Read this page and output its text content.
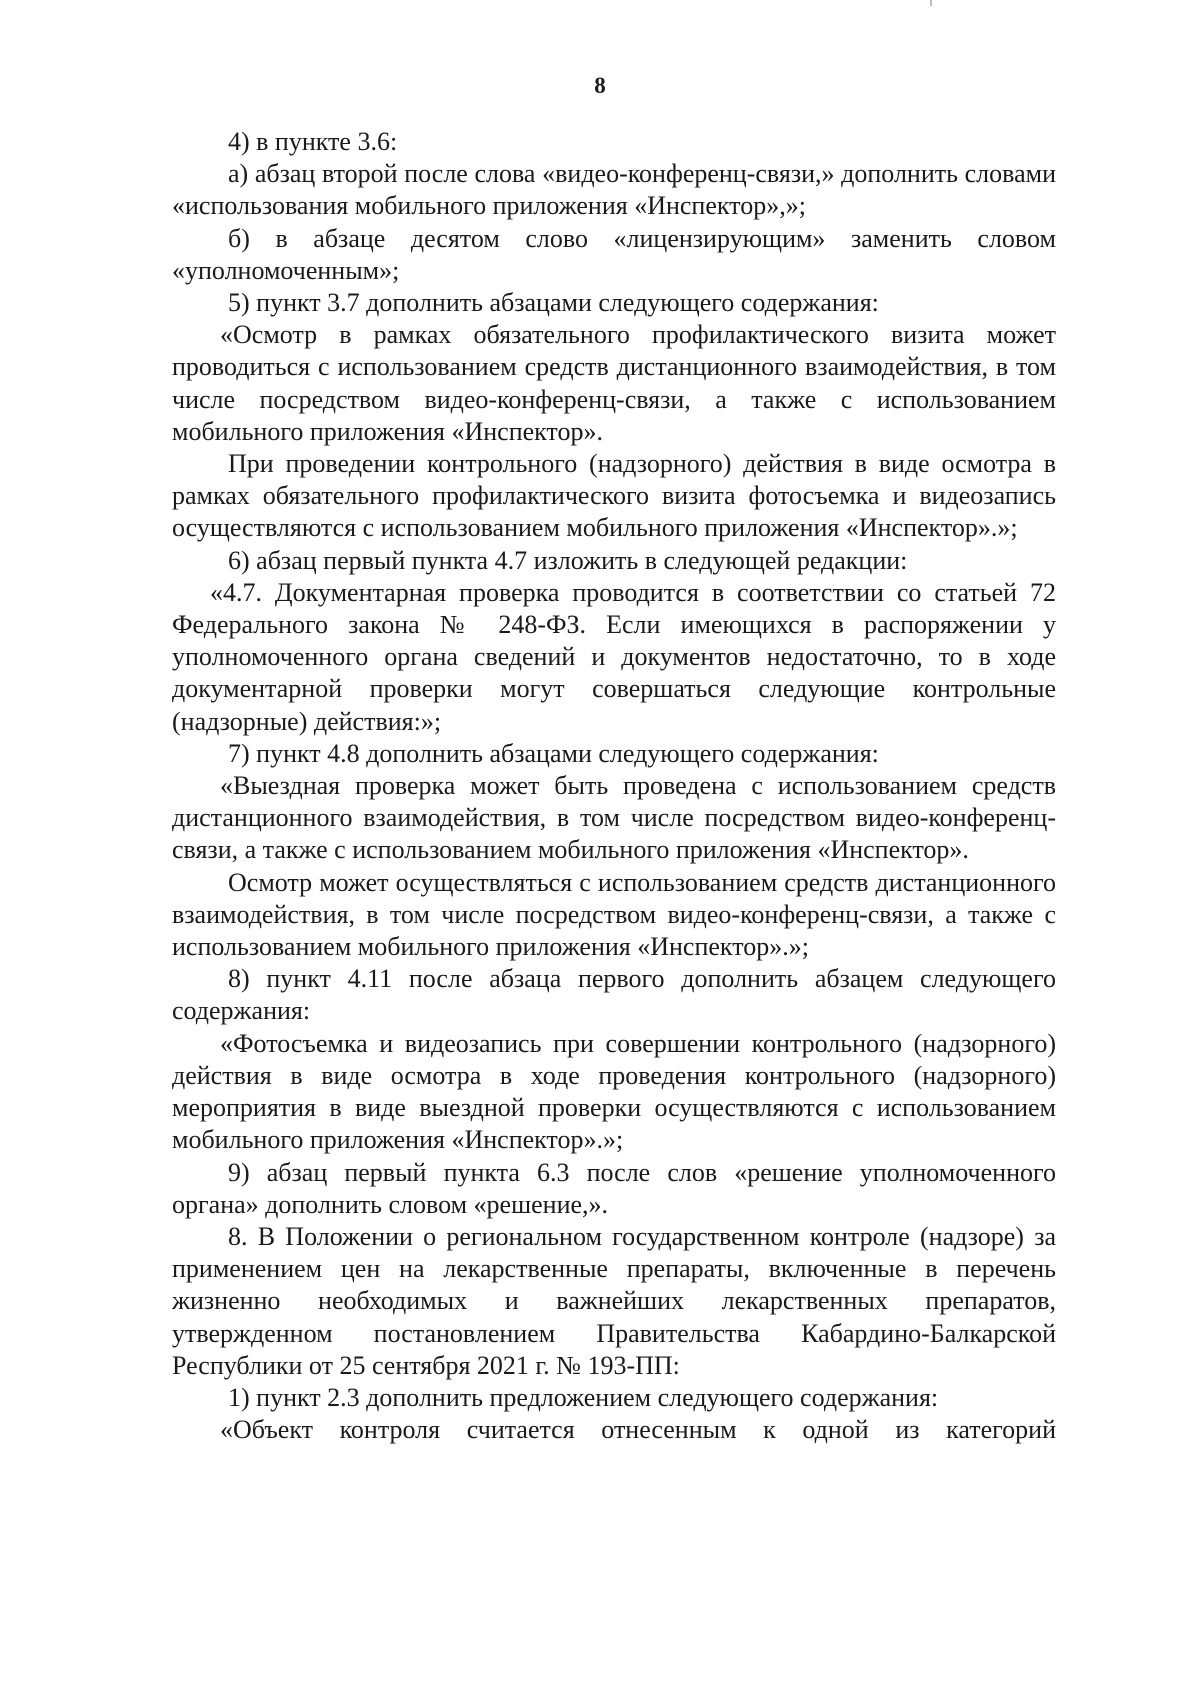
8

4) в пункте 3.6:

а) абзац второй после слова «видео-конференц-связи,» дополнить словами «использования мобильного приложения «Инспектор»,»;

б) в абзаце десятом слово «лицензирующим» заменить словом «уполномоченным»;

5) пункт 3.7 дополнить абзацами следующего содержания:

«Осмотр в рамках обязательного профилактического визита может проводиться с использованием средств дистанционного взаимодействия, в том числе посредством видео-конференц-связи, а также с использованием мобильного приложения «Инспектор».

При проведении контрольного (надзорного) действия в виде осмотра в рамках обязательного профилактического визита фотосъемка и видеозапись осуществляются с использованием мобильного приложения «Инспектор».»;

6) абзац первый пункта 4.7 изложить в следующей редакции:

«4.7. Документарная проверка проводится в соответствии со статьей 72 Федерального закона № 248-ФЗ. Если имеющихся в распоряжении у уполномоченного органа сведений и документов недостаточно, то в ходе документарной проверки могут совершаться следующие контрольные (надзорные) действия:»;

7) пункт 4.8 дополнить абзацами следующего содержания:

«Выездная проверка может быть проведена с использованием средств дистанционного взаимодействия, в том числе посредством видео-конференц-связи, а также с использованием мобильного приложения «Инспектор».

Осмотр может осуществляться с использованием средств дистанционного взаимодействия, в том числе посредством видео-конференц-связи, а также с использованием мобильного приложения «Инспектор».»;

8) пункт 4.11 после абзаца первого дополнить абзацем следующего содержания:

«Фотосъемка и видеозапись при совершении контрольного (надзорного) действия в виде осмотра в ходе проведения контрольного (надзорного) мероприятия в виде выездной проверки осуществляются с использованием мобильного приложения «Инспектор».»;

9) абзац первый пункта 6.3 после слов «решение уполномоченного органа» дополнить словом «решение,».

8. В Положении о региональном государственном контроле (надзоре) за применением цен на лекарственные препараты, включенные в перечень жизненно необходимых и важнейших лекарственных препаратов, утвержденном постановлением Правительства Кабардино-Балкарской Республики от 25 сентября 2021 г. № 193-ПП:

1) пункт 2.3 дополнить предложением следующего содержания:

«Объект контроля считается отнесенным к одной из категорий
